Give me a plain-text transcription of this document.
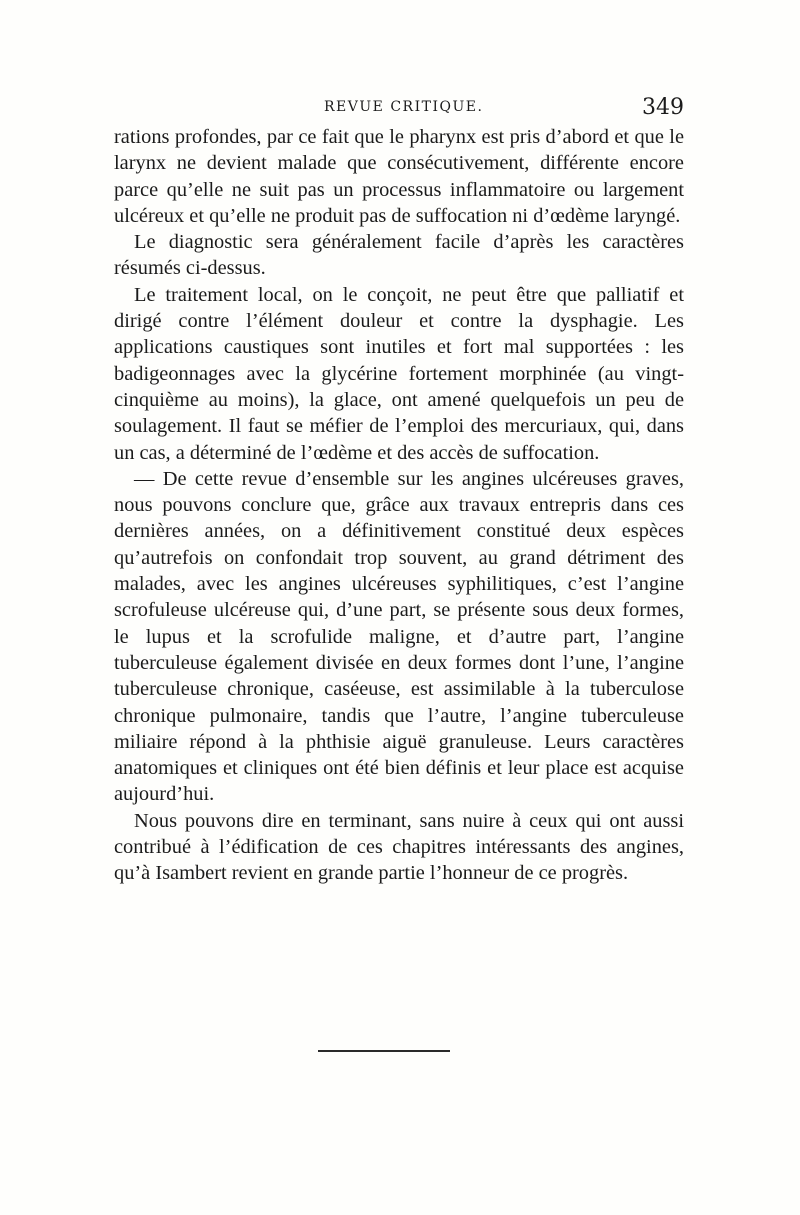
REVUE CRITIQUE.	349

rations profondes, par ce fait que le pharynx est pris d’abord et que le larynx ne devient malade que consécutivement, différente encore parce qu’elle ne suit pas un processus inflammatoire ou largement ulcéreux et qu’elle ne produit pas de suffocation ni d’œdème laryngé.

Le diagnostic sera généralement facile d’après les caractères résumés ci-dessus.

Le traitement local, on le conçoit, ne peut être que palliatif et dirigé contre l’élément douleur et contre la dysphagie. Les applications caustiques sont inutiles et fort mal supportées : les badigeonnages avec la glycérine fortement morphinée (au vingt-cinquième au moins), la glace, ont amené quelquefois un peu de soulagement. Il faut se méfier de l’emploi des mercuriaux, qui, dans un cas, a déterminé de l’œdème et des accès de suffocation.

— De cette revue d’ensemble sur les angines ulcéreuses graves, nous pouvons conclure que, grâce aux travaux entrepris dans ces dernières années, on a définitivement constitué deux espèces qu’autrefois on confondait trop souvent, au grand détriment des malades, avec les angines ulcéreuses syphilitiques, c’est l’angine scrofuleuse ulcéreuse qui, d’une part, se présente sous deux formes, le lupus et la scrofulide maligne, et d’autre part, l’angine tuberculeuse également divisée en deux formes dont l’une, l’angine tuberculeuse chronique, caséeuse, est assimilable à la tuberculose chronique pulmonaire, tandis que l’autre, l’angine tuberculeuse miliaire répond à la phthisie aiguë granuleuse. Leurs caractères anatomiques et cliniques ont été bien définis et leur place est acquise aujourd’hui.

Nous pouvons dire en terminant, sans nuire à ceux qui ont aussi contribué à l’édification de ces chapitres intéressants des angines, qu’à Isambert revient en grande partie l’honneur de ce progrès.
